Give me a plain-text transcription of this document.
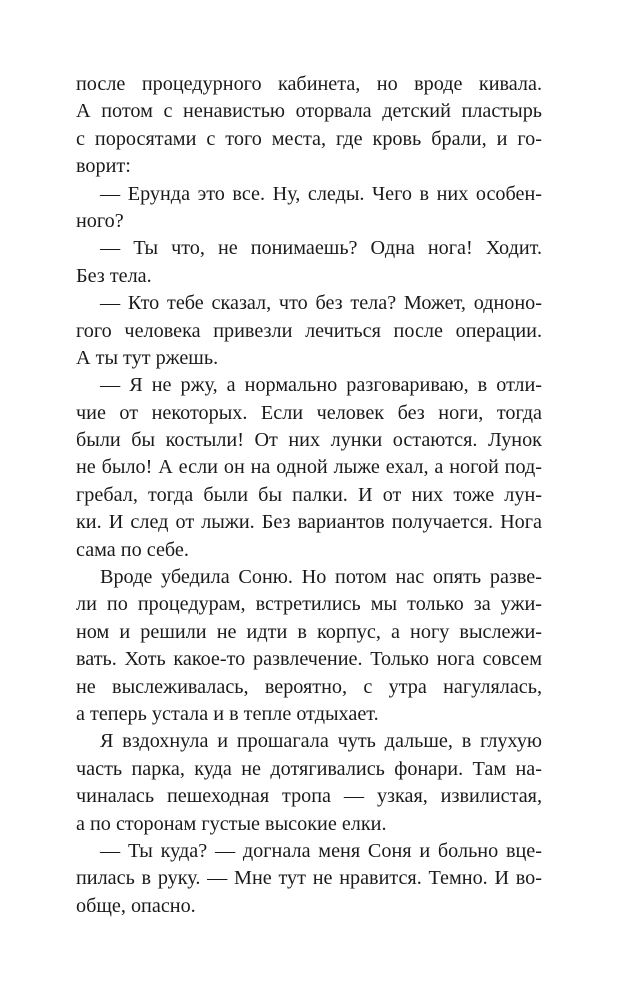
после процедурного кабинета, но вроде кивала.
А потом с ненавистью оторвала детский пластырь
с поросятами с того места, где кровь брали, и го-
ворит:
— Ерунда это все. Ну, следы. Чего в них особен-
ного?
— Ты что, не понимаешь? Одна нога! Ходит.
Без тела.
— Кто тебе сказал, что без тела? Может, одноно-
гого человека привезли лечиться после операции.
А ты тут ржешь.
— Я не ржу, а нормально разговариваю, в отли-
чие от некоторых. Если человек без ноги, тогда
были бы костыли! От них лунки остаются. Лунок
не было! А если он на одной лыже ехал, а ногой под-
гребал, тогда были бы палки. И от них тоже лун-
ки. И след от лыжи. Без вариантов получается. Нога
сама по себе.
Вроде убедила Соню. Но потом нас опять разве-
ли по процедурам, встретились мы только за ужи-
ном и решили не идти в корпус, а ногу выслежи-
вать. Хоть какое-то развлечение. Только нога совсем
не выслеживалась, вероятно, с утра нагулялась,
а теперь устала и в тепле отдыхает.
Я вздохнула и прошагала чуть дальше, в глухую
часть парка, куда не дотягивались фонари. Там на-
чиналась пешеходная тропа — узкая, извилистая,
а по сторонам густые высокие елки.
— Ты куда? — догнала меня Соня и больно вце-
пилась в руку. — Мне тут не нравится. Темно. И во-
обще, опасно.
